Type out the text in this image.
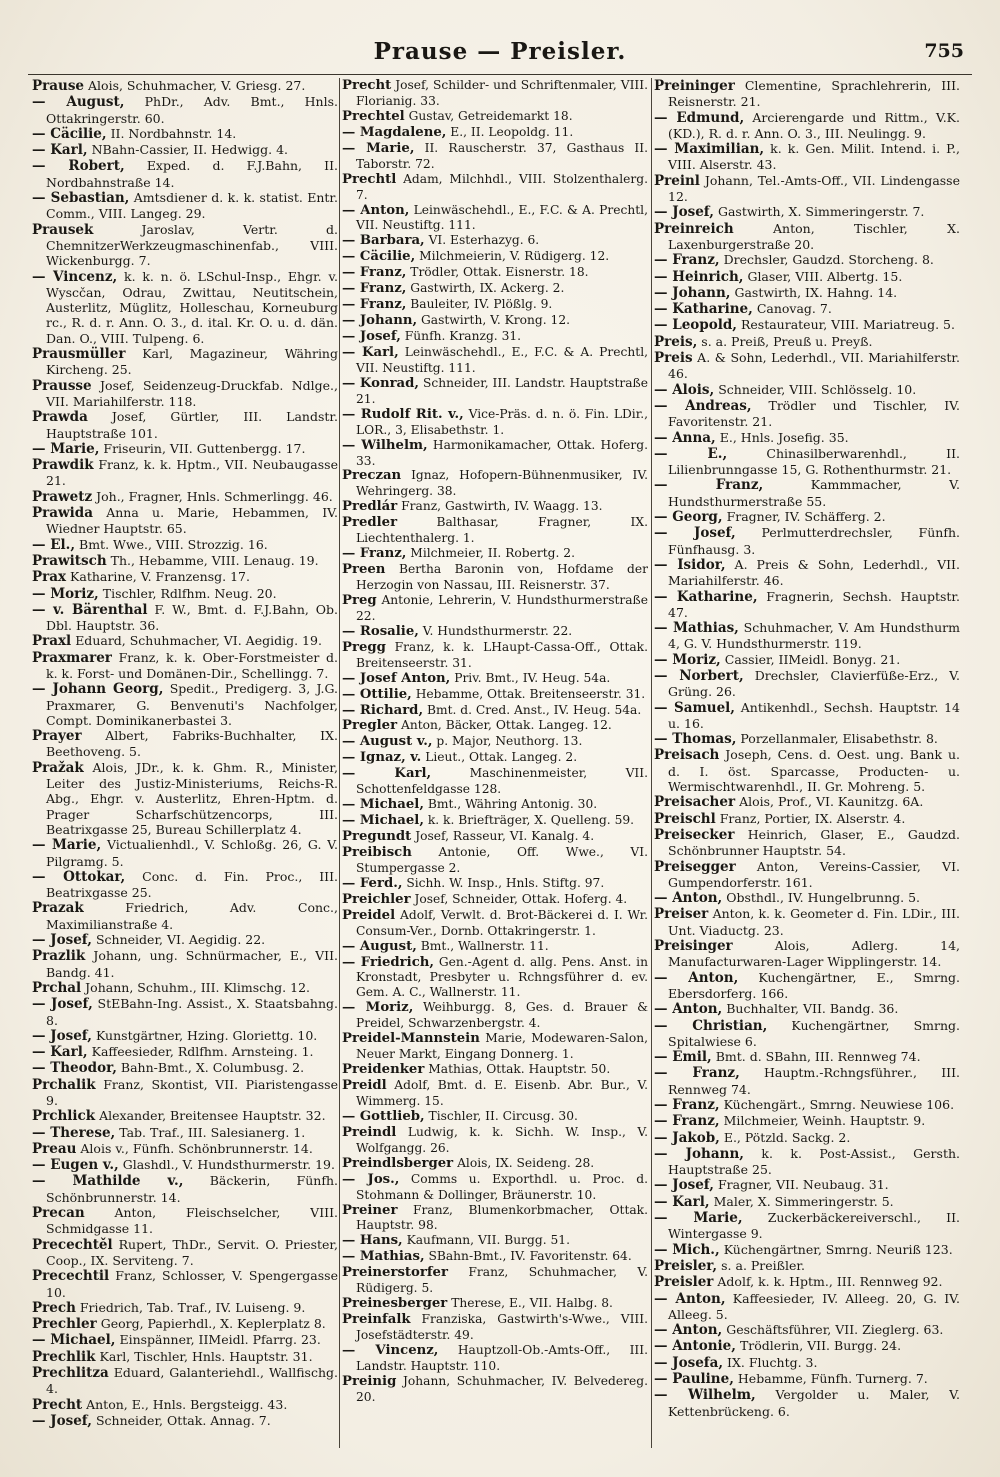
Prause — Preisler.	755
Prause Alois, Schuhmacher, V. Griesg. 27.
— August, PhDr., Adv. Bmt., Hnls. Ottakringerstr. 60.
— Cäcilie, II. Nordbahnstr. 14.
— Karl, NBahn-Cassier, II. Hedwigg. 4.
— Robert, Exped. d. F.J.Bahn, II. Nordbahnstraße 14.
— Sebastian, Amtsdiener d. k. k. statist. Entr. Comm., VIII. Langeg. 29.
Prausek	Jaroslav, Vertr. d. ChemnitzerWerkzeugmaschinenfab., VIII. Wickenburgg. 7.
— Vincenz, k. k. n. ö. LSchul-Insp., Ehgr. v. Wyscčan, Odrau, Zwittau, Neutitschein, Austerlitz, Müglitz, Holleschau, Korneuburg rc., R. d. r. Ann. O. 3., d. ital. Kr. O. u. d. dän. Dan. O., VIII. Tulpeng. 6.
Prausmüller Karl, Magazineur, Währing Kircheng. 25.
Prausse Josef, Seidenzeug-Druckfab. Ndlge., VII. Mariahilferstr. 118.
Prawda Josef, Gürtler, III. Landstr. Hauptstraße 101.
— Marie, Friseurin, VII. Guttenbergg. 17.
Prawdik Franz, k. k. Hptm., VII. Neubaugasse 21.
Prawetz Joh., Fragner, Hnls. Schmerlingg. 46.
Prawida Anna u. Marie, Hebammen, IV. Wiedner Hauptstr. 65.
— El., Bmt. Wwe., VIII. Strozzig. 16.
Prawitsch Th., Hebamme, VIII. Lenaug. 19.
Prax Katharine, V. Franzensg. 17.
— Moriz, Tischler, Rdlfhm. Neug. 20.
— v. Bärenthal F. W., Bmt. d. F.J.Bahn, Ob. Dbl. Hauptstr. 36.
Praxl Eduard, Schuhmacher, VI. Aegidig. 19.
Praxmarer Franz, k. k. Ober-Forstmeister d. k. k. Forst- und Domänen-Dir., Schellingg. 7.
— Johann Georg, Spedit., Predigerg. 3, J.G. Praxmarer, G. Benvenuti's Nachfolger, Compt. Dominikanerbastei 3.
Prayer Albert, Fabriks-Buchhalter, IX. Beethoveng. 5.
Pražak Alois, JDr., k. k. Ghm. R., Minister, Leiter des Justiz-Ministeriums, Reichs-R. Abg., Ehgr. v. Austerlitz, Ehren-Hptm. d. Prager Scharfschützencorps, III. Beatrixgasse 25, Bureau Schillerplatz 4.
— Marie, Victualienhdl., V. Schloßg. 26, G. V. Pilgramg. 5.
— Ottokar, Conc. d. Fin. Proc., III. Beatrixgasse 25.
Prazak	Friedrich, Adv. Conc., Maximilianstraße 4.
— Josef, Schneider, VI. Aegidig. 22.
Prazlik Johann, ung. Schnürmacher, E., VII. Bandg. 41.
Prchal Johann, Schuhm., III. Klimschg. 12.
— Josef, StEBahn-Ing. Assist., X. Staatsbahng. 8.
— Josef, Kunstgärtner, Hzing. Gloriettg. 10.
— Karl, Kaffeesieder, Rdlfhm. Arnsteing. 1.
— Theodor, Bahn-Bmt., X. Columbusg. 2.
Prchalik Franz, Skontist, VII. Piaristengasse 9.
Prchlick Alexander, Breitensee Hauptstr. 32.
— Therese, Tab. Traf., III. Salesianerg. 1.
Preau Alois v., Fünfh. Schönbrunnerstr. 14.
— Eugen v., Glashdl., V. Hundsthurmerstr. 19.
— Mathilde v., Bäckerin, Fünfh. Schönbrunnerstr. 14.
Precan Anton, Fleischselcher, VIII. Schmidgasse 11.
Precechtěl Rupert, ThDr., Servit. O. Priester, Coop., IX. Serviteng. 7.
Precechtil Franz, Schlosser, V. Spengergasse 10.
Prech Friedrich, Tab. Traf., IV. Luiseng. 9.
Prechler Georg, Papierhdl., X. Keplerplatz 8.
— Michael, Einspänner, IIMeidl. Pfarrg. 23.
Prechlik Karl, Tischler, Hnls. Hauptstr. 31.
Prechlitza Eduard, Galanteriehdl., Wallfischg. 4.
Precht Anton, E., Hnls. Bergsteigg. 43.
— Josef, Schneider, Ottak. Annag. 7.
Precht Josef, Schilder- und Schriftenmaler, VIII. Florianig. 33.
Prechtel Gustav, Getreidemarkt 18.
— Magdalene, E., II. Leopoldg. 11.
— Marie, II. Rauscherstr. 37, Gasthaus II. Taborstr. 72.
Prechtl Adam, Milchhdl., VIII. Stolzenthalerg. 7.
— Anton, Leinwäschehdl., E., F.C. & A. Prechtl, VII. Neustiftg. 111.
— Barbara, VI. Esterhazyg. 6.
— Cäcilie, Milchmeierin, V. Rüdigerg. 12.
— Franz, Trödler, Ottak. Eisnerstr. 18.
— Franz, Gastwirth, IX. Ackerg. 2.
— Franz, Bauleiter, IV. Plößlg. 9.
— Johann, Gastwirth, V. Krong. 12.
— Josef, Fünfh. Kranzg. 31.
— Karl, Leinwäschehdl., E., F.C. & A. Prechtl, VII. Neustiftg. 111.
— Konrad, Schneider, III. Landstr. Hauptstraße 21.
— Rudolf Rit. v., Vice-Präs. d. n. ö. Fin. LDir., LOR., 3, Elisabethstr. 1.
— Wilhelm, Harmonikamacher, Ottak. Hoferg. 33.
Preczan Ignaz, Hofopern-Bühnenmusiker, IV. Wehringerg. 38.
Predlár Franz, Gastwirth, IV. Waagg. 13.
Predler	Balthasar, Fragner, IX. Liechtenthalerg. 1.
— Franz, Milchmeier, II. Robertg. 2.
Preen Bertha Baronin von, Hofdame der Herzogin von Nassau, III. Reisnerstr. 37.
Preg Antonie, Lehrerin, V. Hundsthurmerstraße 22.
— Rosalie, V. Hundsthurmerstr. 22.
Pregg Franz, k. k. LHaupt-Cassa-Off., Ottak. Breitenseerstr. 31.
— Josef Anton, Priv. Bmt., IV. Heug. 54a.
— Ottilie, Hebamme, Ottak. Breitenseerstr. 31.
— Richard, Bmt. d. Cred. Anst., IV. Heug. 54a.
Pregler Anton, Bäcker, Ottak. Langeg. 12.
— August v., p. Major, Neuthorg. 13.
— Ignaz, v. Lieut., Ottak. Langeg. 2.
— Karl,	Maschinenmeister, VII. Schottenfeldgasse 128.
— Michael, Bmt., Währing Antonig. 30.
— Michael, k. k. Briefträger, X. Quelleng. 59.
Pregundt Josef, Rasseur, VI. Kanalg. 4.
Preibisch Antonie, Off. Wwe., VI. Stumpergasse 2.
— Ferd., Sichh. W. Insp., Hnls. Stiftg. 97.
Preichler Josef, Schneider, Ottak. Hoferg. 4.
Preidel Adolf, Verwlt. d. Brot-Bäckerei d. I. Wr. Consum-Ver., Dornb. Ottakringerstr. 1.
— August, Bmt., Wallnerstr. 11.
— Friedrich, Gen.-Agent d. allg. Pens. Anst. in Kronstadt, Presbyter u. Rchngsführer d. ev. Gem. A. C., Wallnerstr. 11.
— Moriz, Weihburgg. 8, Ges. d. Brauer & Preidel, Schwarzenbergstr. 4.
Preidel-Mannstein Marie, Modewaren-Salon, Neuer Markt, Eingang Donnerg. 1.
Preidenker Mathias, Ottak. Hauptstr. 50.
Preidl Adolf, Bmt. d. E. Eisenb. Abr. Bur., V. Wimmerg. 15.
— Gottlieb, Tischler, II. Circusg. 30.
Preindl Ludwig, k. k. Sichh. W. Insp., V. Wolfgangg. 26.
Preindlsberger Alois, IX. Seideng. 28.
— Jos., Comms u. Exporthdl. u. Proc. d. Stohmann & Dollinger, Bräunerstr. 10.
Preiner Franz, Blumenkorbmacher, Ottak. Hauptstr. 98.
— Hans, Kaufmann, VII. Burgg. 51.
— Mathias, SBahn-Bmt., IV. Favoritenstr. 64.
Preinerstorfer Franz, Schuhmacher, V. Rüdigerg. 5.
Preinesberger Therese, E., VII. Halbg. 8.
Preinfalk Franziska, Gastwirth's-Wwe., VIII. Josefstädterstr. 49.
— Vincenz, Hauptzoll-Ob.-Amts-Off., III. Landstr. Hauptstr. 110.
Preinig Johann, Schuhmacher, IV. Belvedereg. 20.
Preininger Clementine, Sprachlehrerin, III. Reisnerstr. 21.
— Edmund, Arcierengarde und Rittm., V.K. (KD.), R. d. r. Ann. O. 3., III. Neulingg. 9.
— Maximilian, k. k. Gen. Milit. Intend. i. P., VIII. Alserstr. 43.
Preinl Johann, Tel.-Amts-Off., VII. Lindengasse 12.
— Josef, Gastwirth, X. Simmeringerstr. 7.
Preinreich	Anton, Tischler, X. Laxenburgerstraße 20.
— Franz, Drechsler, Gaudzd. Storcheng. 8.
— Heinrich, Glaser, VIII. Albertg. 15.
— Johann, Gastwirth, IX. Hahng. 14.
— Katharine, Canovag. 7.
— Leopold, Restaurateur, VIII. Mariatreug. 5.
Preis, s. a. Preiß, Preuß u. Preyß.
Preis A. & Sohn, Lederhdl., VII. Mariahilferstr. 46.
— Alois, Schneider, VIII. Schlösselg. 10.
— Andreas, Trödler und Tischler, IV. Favoritenstr. 21.
— Anna, E., Hnls. Josefig. 35.
— E.,	Chinasilberwarenhdl., II. Lilienbrunngasse 15, G. Rothenthurmstr. 21.
— Franz,	Kammmacher, V. Hundsthurmerstraße 55.
— Georg, Fragner, IV. Schäfferg. 2.
— Josef, Perlmutterdrechsler, Fünfh. Fünfhausg. 3.
— Isidor, A. Preis & Sohn, Lederhdl., VII. Mariahilferstr. 46.
— Katharine, Fragnerin, Sechsh. Hauptstr. 47.
— Mathias, Schuhmacher, V. Am Hundsthurm 4, G. V. Hundsthurmerstr. 119.
— Moriz, Cassier, IIMeidl. Bonyg. 21.
— Norbert, Drechsler, Clavierfüße-Erz., V. Grüng. 26.
— Samuel, Antikenhdl., Sechsh. Hauptstr. 14 u. 16.
— Thomas, Porzellanmaler, Elisabethstr. 8.
Preisach Joseph, Cens. d. Oest. ung. Bank u. d. I. öst. Sparcasse, Producten- u. Wermischtwarenhdl., II. Gr. Mohreng. 5.
Preisacher Alois, Prof., VI. Kaunitzg. 6A.
Preischl Franz, Portier, IX. Alserstr. 4.
Preisecker Heinrich, Glaser, E., Gaudzd. Schönbrunner Hauptstr. 54.
Preisegger Anton, Vereins-Cassier, VI. Gumpendorferstr. 161.
— Anton, Obsthdl., IV. Hungelbrunng. 5.
Preiser Anton, k. k. Geometer d. Fin. LDir., III. Unt. Viaductg. 23.
Preisinger	Alois, Adlerg. 14, Manufacturwaren-Lager Wipplingerstr. 14.
— Anton, Kuchengärtner, E., Smrng. Ebersdorferg. 166.
— Anton, Buchhalter, VII. Bandg. 36.
— Christian, Kuchengärtner, Smrng. Spitalwiese 6.
— Emil, Bmt. d. SBahn, III. Rennweg 74.
— Franz, Hauptm.-Rchngsführer., III. Rennweg 74.
— Franz, Küchengärt., Smrng. Neuwiese 106.
— Franz, Milchmeier, Weinh. Hauptstr. 9.
— Jakob, E., Pötzld. Sackg. 2.
— Johann, k. k. Post-Assist., Gersth. Hauptstraße 25.
— Josef, Fragner, VII. Neubaug. 31.
— Karl, Maler, X. Simmeringerstr. 5.
— Marie, Zuckerbäckereiverschl., II. Wintergasse 9.
— Mich., Küchengärtner, Smrng. Neuriß 123.
Preisler, s. a. Preißler.
Preisler Adolf, k. k. Hptm., III. Rennweg 92.
— Anton, Kaffeesieder, IV. Alleeg. 20, G. IV. Alleeg. 5.
— Anton, Geschäftsführer, VII. Zieglerg. 63.
— Antonie, Trödlerin, VII. Burgg. 24.
— Josefa, IX. Fluchtg. 3.
— Pauline, Hebamme, Fünfh. Turnerg. 7.
— Wilhelm, Vergolder u. Maler, V. Kettenbrückeng. 6.
